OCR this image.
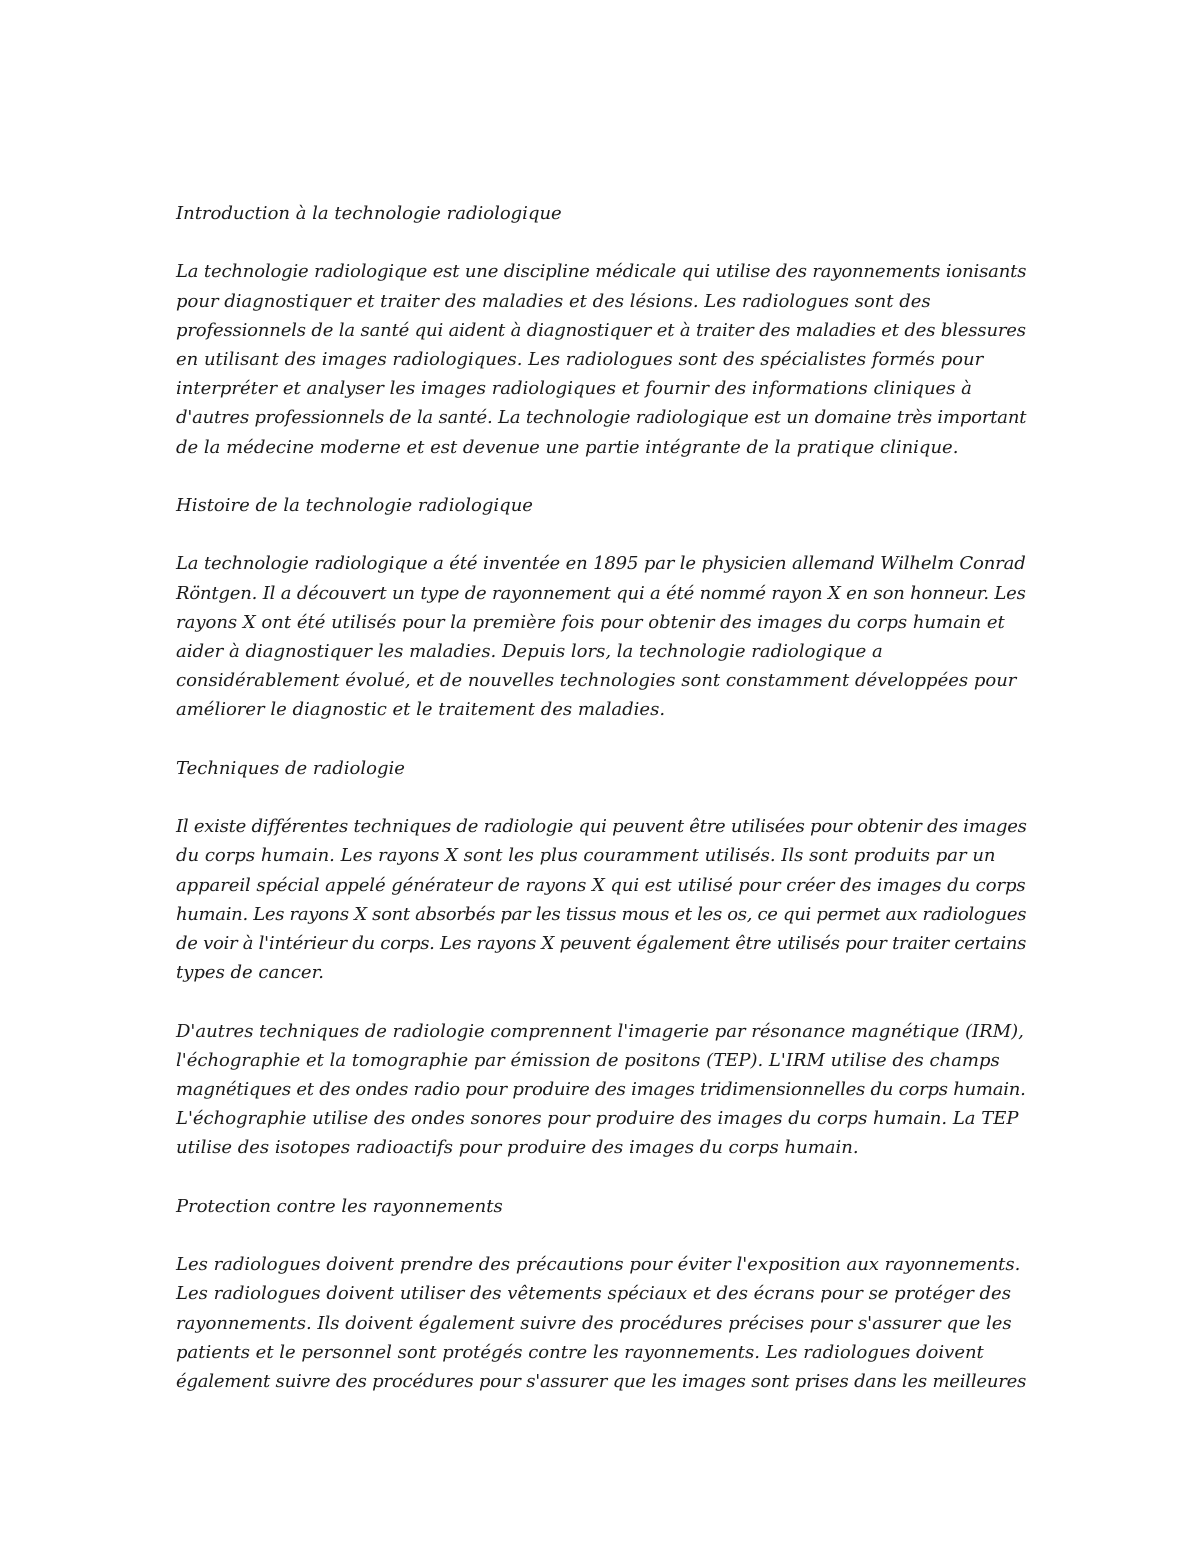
Introduction à la technologie radiologique
La technologie radiologique est une discipline médicale qui utilise des rayonnements ionisants
pour diagnostiquer et traiter des maladies et des lésions. Les radiologues sont des
professionnels de la santé qui aident à diagnostiquer et à traiter des maladies et des blessures
en utilisant des images radiologiques. Les radiologues sont des spécialistes formés pour
interpréter et analyser les images radiologiques et fournir des informations cliniques à
d'autres professionnels de la santé. La technologie radiologique est un domaine très important
de la médecine moderne et est devenue une partie intégrante de la pratique clinique.
Histoire de la technologie radiologique
La technologie radiologique a été inventée en 1895 par le physicien allemand Wilhelm Conrad
Röntgen. Il a découvert un type de rayonnement qui a été nommé rayon X en son honneur. Les
rayons X ont été utilisés pour la première fois pour obtenir des images du corps humain et
aider à diagnostiquer les maladies. Depuis lors, la technologie radiologique a
considérablement évolué, et de nouvelles technologies sont constamment développées pour
améliorer le diagnostic et le traitement des maladies.
Techniques de radiologie
Il existe différentes techniques de radiologie qui peuvent être utilisées pour obtenir des images
du corps humain. Les rayons X sont les plus couramment utilisés. Ils sont produits par un
appareil spécial appelé générateur de rayons X qui est utilisé pour créer des images du corps
humain. Les rayons X sont absorbés par les tissus mous et les os, ce qui permet aux radiologues
de voir à l'intérieur du corps. Les rayons X peuvent également être utilisés pour traiter certains
types de cancer.
D'autres techniques de radiologie comprennent l'imagerie par résonance magnétique (IRM),
l'échographie et la tomographie par émission de positons (TEP). L'IRM utilise des champs
magnétiques et des ondes radio pour produire des images tridimensionnelles du corps humain.
L'échographie utilise des ondes sonores pour produire des images du corps humain. La TEP
utilise des isotopes radioactifs pour produire des images du corps humain.
Protection contre les rayonnements
Les radiologues doivent prendre des précautions pour éviter l'exposition aux rayonnements.
Les radiologues doivent utiliser des vêtements spéciaux et des écrans pour se protéger des
rayonnements. Ils doivent également suivre des procédures précises pour s'assurer que les
patients et le personnel sont protégés contre les rayonnements. Les radiologues doivent
également suivre des procédures pour s'assurer que les images sont prises dans les meilleures
